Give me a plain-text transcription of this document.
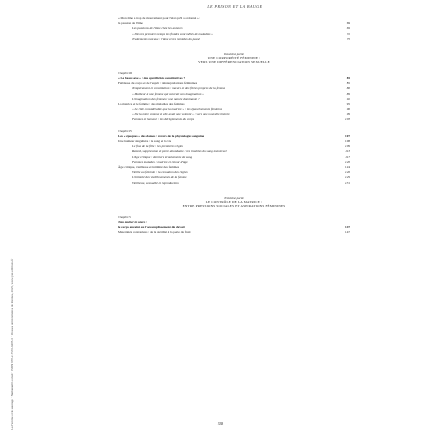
LE PRISON ET LA BAUGE
La Femme et le sauvage · Nathanaël Louvel · ISBN 978-2-7535-9485-6 · Presses universitaires de Rennes, 2025, www.pur-editions.fr
« Mon âme a trop de mouvement pour l'état qu'il a ordonné » :
la passion de l'âme	69
Les passions de l'âme chez les auteurs	69
« Dès les premiers temps les fluides sont mêlés de maladies »	72
Traitements moraux : l'âme et les remèdes du passé	75
Deuxième partie
UNE CORPORÉITÉ FÉMININE :
VERS UNE DIFFÉRENCIATION SEXUELLE
Chapitre III
« Le beau sexe » : des spécificités constitutives ?	85
Faiblesse du corps et de l'esprit : réinterprétations féminines	85
Tempérament et constitution : mœurs et des fibres propres de la femme	86
« Malheur à une femme qui suivrait son imagination »	89
L'imagination des femmes: une nature dominante ?	92
La matrice et le femme : des maladies des femmes	95
« Le rôle considérable que la matrice » : les épanchements féminins	96
« De la mère comme si elle avait une volonté » : vers une nouvelle théorie	99
Femmes et humeur : les dérèglements du corps	103
Chapitre IV
Les « époques » des dames : revers de la physiologie sanguine	107
Une humeur singulière : le sang et la vie	108
Le flux de la fille : les premières règles	109
Retard, suppression et perte abondante : les troubles du sang menstruel	113
L'âge critique : derniers écoulements de sang	117
Femmes malades : matrice et retour d'âge	120
Âge critique, vieillesse et intimité des femmes	124
Vieille au féminin : la cessation des règles	126
L'intimité des vieillissements de la femme	129
Vieillesse, sexualité et reproduction	131
Troisième partie
LE CONTRÔLE DE LA MATRICE :
ENTRE PRESSIONS SOCIALES ET ASPIRATIONS FÉMININES
Chapitre V
Tota mulier in utero :
le corps encaint ou l'accomplissement du devoir	147
Maternités contrariées : de la stérilité à la perte du fruit	147
338
